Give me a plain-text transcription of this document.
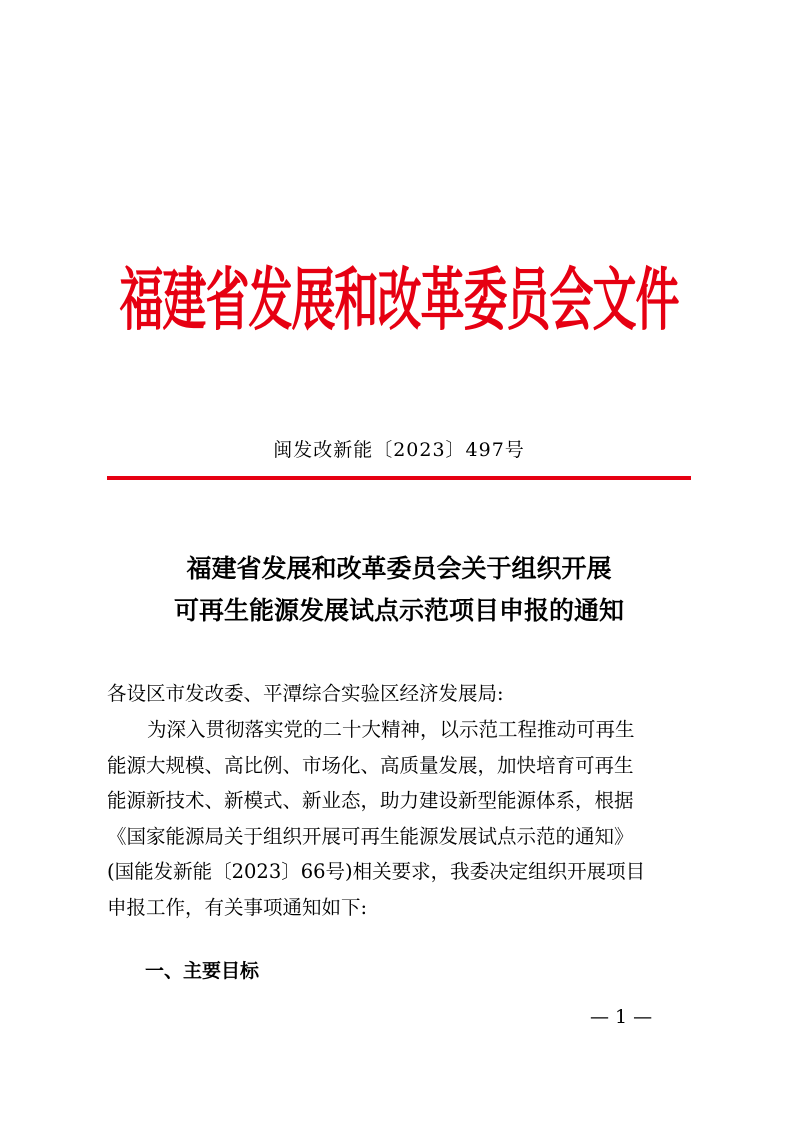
福建省发展和改革委员会文件
闽发改新能〔2023〕497号
福建省发展和改革委员会关于组织开展
可再生能源发展试点示范项目申报的通知
各设区市发改委、平潭综合实验区经济发展局:
为深入贯彻落实党的二十大精神，以示范工程推动可再生
能源大规模、高比例、市场化、高质量发展，加快培育可再生
能源新技术、新模式、新业态，助力建设新型能源体系，根据
《国家能源局关于组织开展可再生能源发展试点示范的通知》
(国能发新能〔2023〕66号)相关要求，我委决定组织开展项目
申报工作，有关事项通知如下:
一、主要目标
— 1 —
